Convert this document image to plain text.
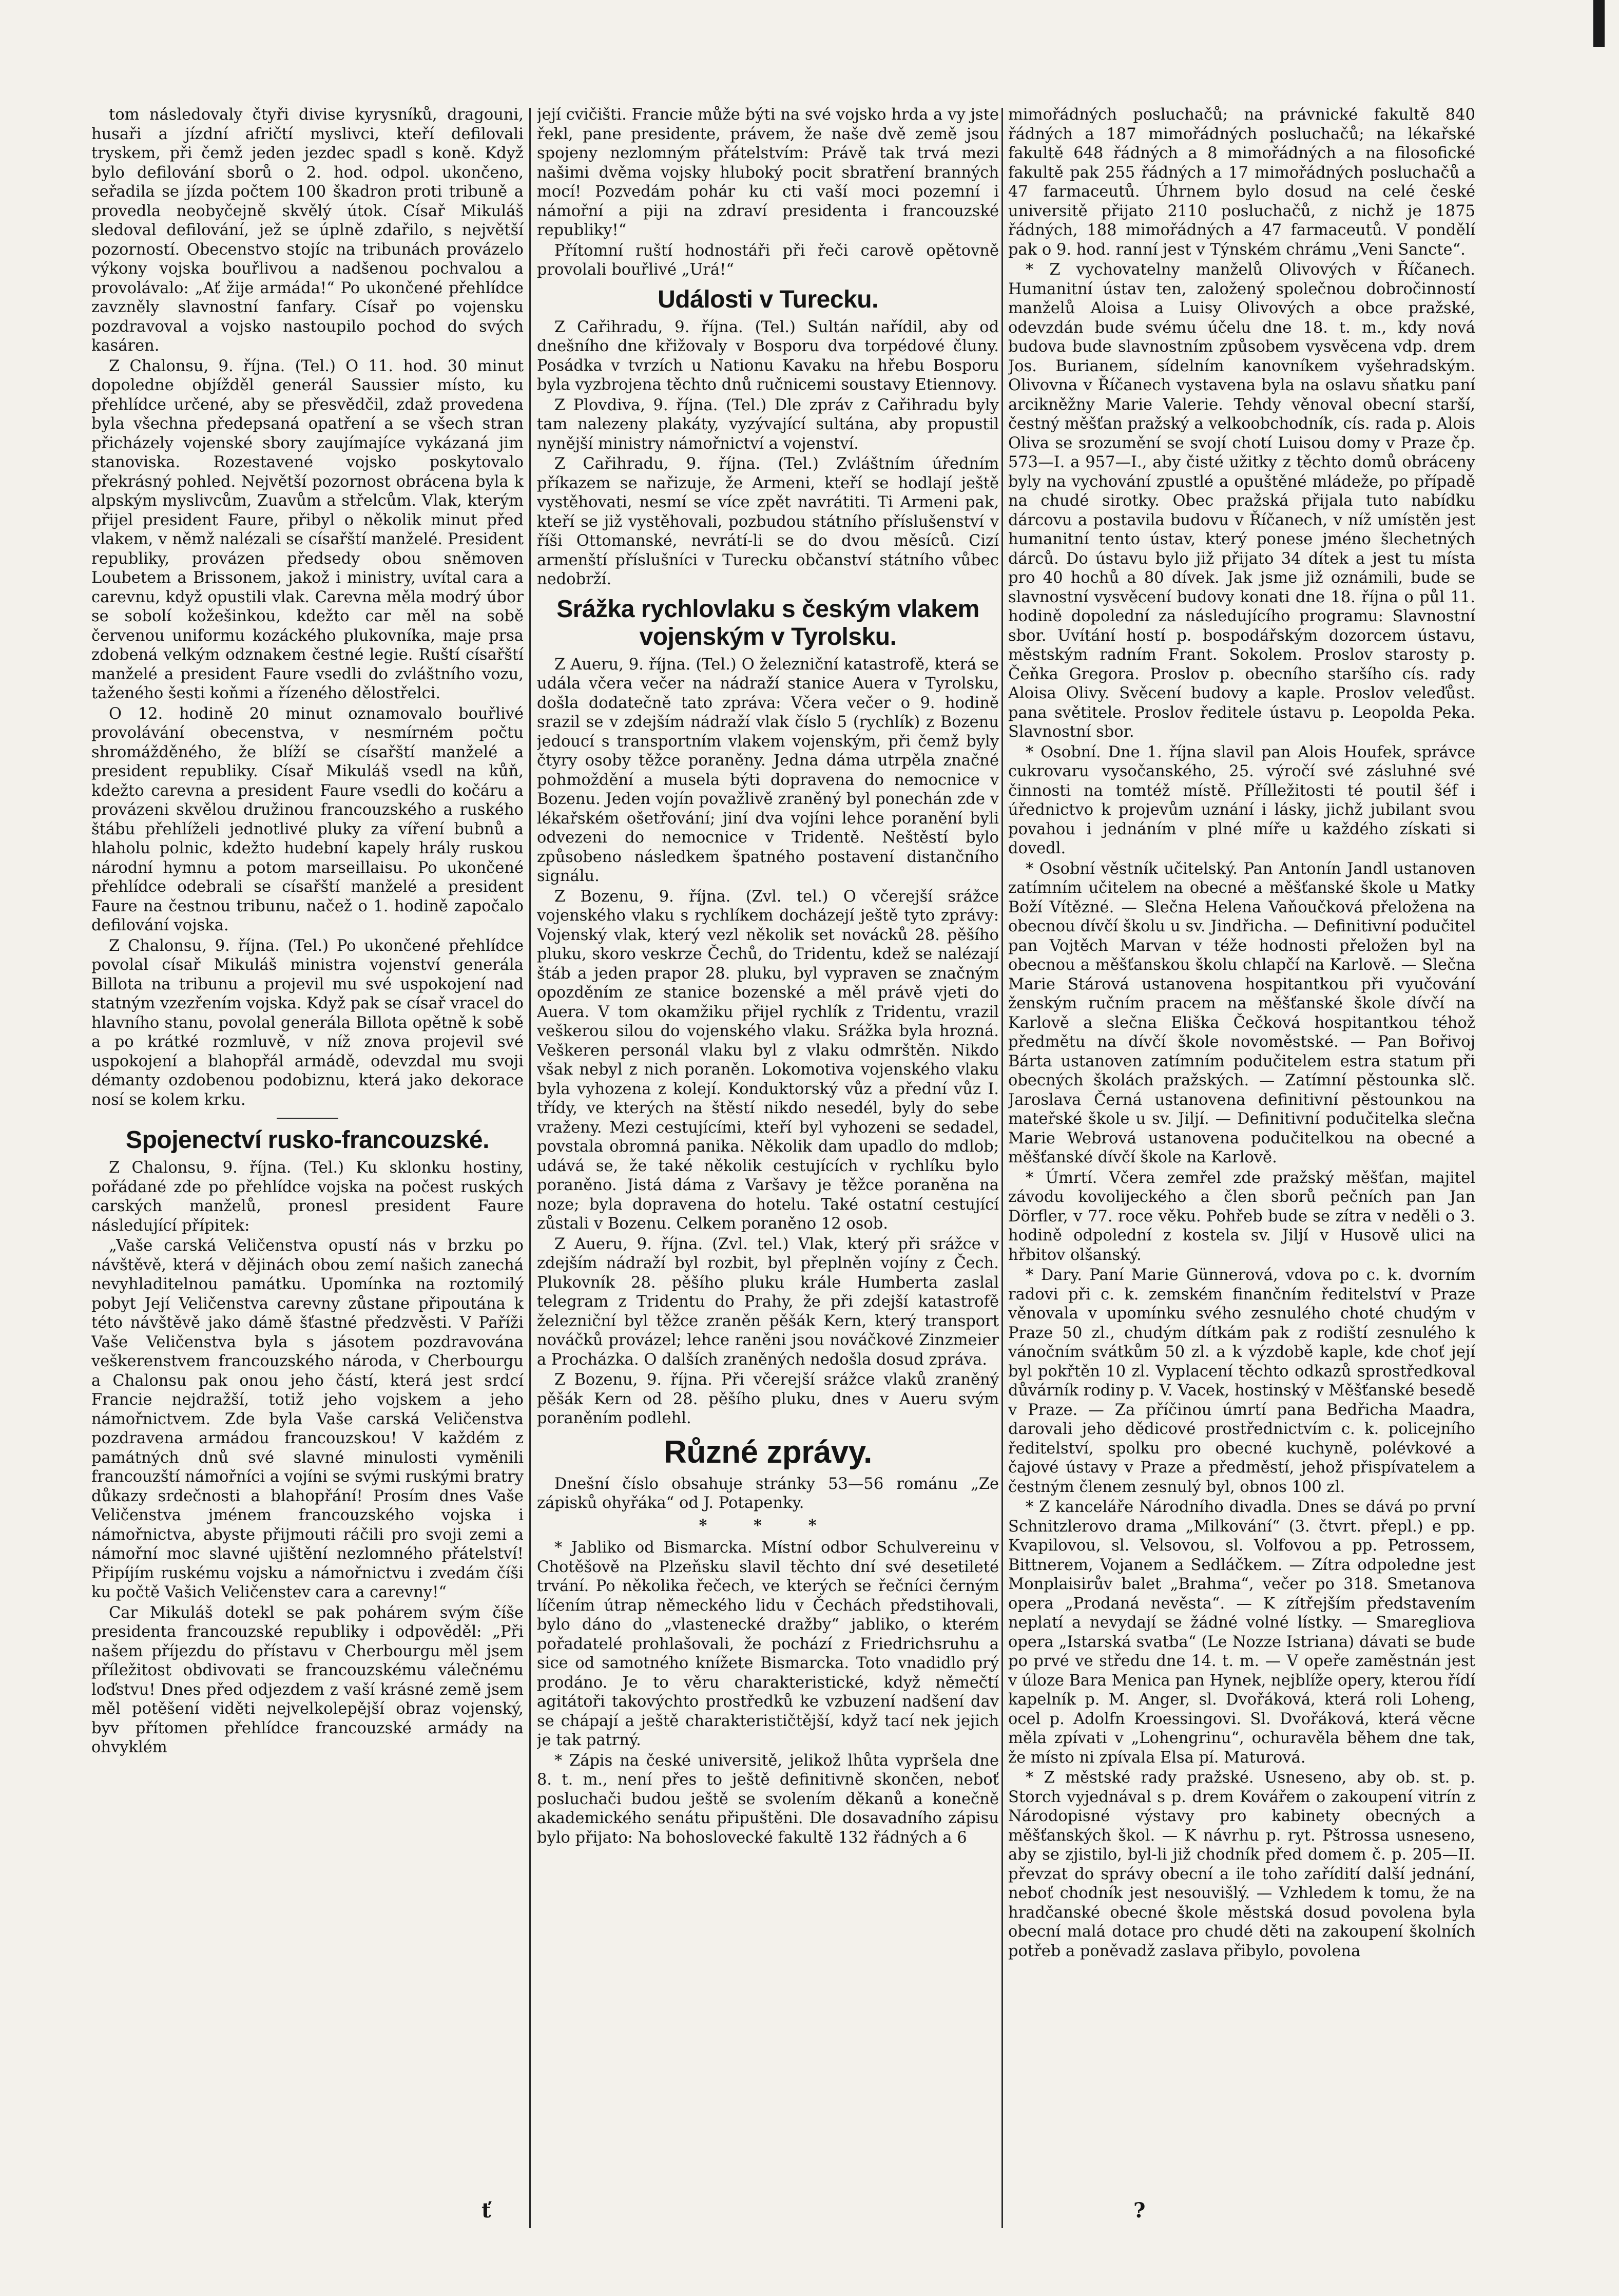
tom následovaly čtyři divise kyrysníků, dragouni, husaři a jízdní afričtí myslivci, kteří defilovali tryskem, při čemž jeden jezdec spadl s koně. Když bylo defilování sborů o 2. hod. odpol. ukončeno, seřadila se jízda počtem 100 škadron proti tribuně a provedla neobyčejně skvělý útok. Císař Mikuláš sledoval defilování, jež se úplně zdařilo, s největší pozorností. Obecenstvo stojíc na tribunách provázelo výkony vojska bouřlivou a nadšenou pochvalou a provolávalo: „Ať žije armáda!“ Po ukončené přehlídce zavzněly slavnostní fanfary. Císař po vojensku pozdravoval a vojsko nastoupilo pochod do svých kasáren.

Z Chalonsu, 9. října. (Tel.) O 11. hod. 30 minut dopoledne objížděl generál Saussier místo, ku přehlídce určené, aby se přesvědčil, zdaž provedena byla všechna předepsaná opatření a se všech stran přicházely vojenské sbory zaujímajíce vykázaná jim stanoviska. Rozestavené vojsko poskytovalo překrásný pohled. Největší pozornost obrácena byla k alpským myslivcům, Zuavům a střelcům. Vlak, kterým přijel president Faure, přibyl o několik minut před vlakem, v němž nalézali se císařští manželé. President republiky, provázen předsedy obou sněmoven Loubetem a Brissonem, jakož i ministry, uvítal cara a carevnu, když opustili vlak. Carevna měla modrý úbor se sobolí kožešinkou, kdežto car měl na sobě červenou uniformu kozáckého plukovníka, maje prsa zdobená velkým odznakem čestné legie. Ruští císařští manželé a president Faure vsedli do zvláštního vozu, taženého šesti koňmi a řízeného dělostřelci.

O 12. hodině 20 minut oznamovalo bouřlivé provolávání obecenstva, v nesmírném počtu shromážděného, že blíží se císařští manželé a president republiky. Císař Mikuláš vsedl na kůň, kdežto carevna a president Faure vsedli do kočáru a provázeni skvělou družinou francouzského a ruského štábu přehlíželi jednotlivé pluky za víření bubnů a hlaholu polnic, kdežto hudební kapely hrály ruskou národní hymnu a potom marseillaisu. Po ukončené přehlídce odebrali se císařští manželé a president Faure na čestnou tribunu, načež o 1. hodině započalo defilování vojska.

Z Chalonsu, 9. října. (Tel.) Po ukončené přehlídce povolal císař Mikuláš ministra vojenství generála Billota na tribunu a projevil mu své uspokojení nad statným vzezřením vojska. Když pak se císař vracel do hlavního stanu, povolal generála Billota opětně k sobě a po krátké rozmluvě, v níž znova projevil své uspokojení a blahopřál armádě, odevzdal mu svoji démanty ozdobenou podobiznu, která jako dekorace nosí se kolem krku.

Spojenectví rusko-francouzské.

Z Chalonsu, 9. října. (Tel.) Ku sklonku hostiny, pořádané zde po přehlídce vojska na počest ruských carských manželů, pronesl president Faure následující přípitek:

„Vaše carská Veličenstva opustí nás v brzku po návštěvě, která v dějinách obou zemí našich zanechá nevyhladitelnou památku. Upomínka na roztomilý pobyt Její Veličenstva carevny zůstane připoutána k této návštěvě jako dámě šťastné předzvěsti. V Paříži Vaše Veličenstva byla s jásotem pozdravována veškerenstvem francouzského národa, v Cherbourgu a Chalonsu pak onou jeho částí, která jest srdcí Francie nejdražší, totiž jeho vojskem a jeho námořnictvem. Zde byla Vaše carská Veličenstva pozdravena armádou francouzskou! V každém z památných dnů své slavné minulosti vyměnili francouzští námořníci a vojíni se svými ruskými bratry důkazy srdečnosti a blahopřání! Prosím dnes Vaše Veličenstva jménem francouzského vojska i námořnictva, abyste přijmouti ráčili pro svoji zemi a námořní moc slavné ujištění nezlomného přátelství! Připíjím ruskému vojsku a námořnictvu i zvedám číši ku počtě Vašich Veličenstev cara a carevny!“

Car Mikuláš dotekl se pak pohárem svým číše presidenta francouzské republiky i odpověděl: „Při našem příjezdu do přístavu v Cherbourgu měl jsem příležitost obdivovati se francouzskému válečnému loďstvu! Dnes před odjezdem z vaší krásné země jsem měl potěšení viděti nejvelkolepější obraz vojenský, byv přítomen přehlídce francouzské armády na ohvyklém

její cvičišti. Francie může býti na své vojsko hrda a vy jste řekl, pane presidente, právem, že naše dvě země jsou spojeny nezlomným přátelstvím: Právě tak trvá mezi našimi dvěma vojsky hluboký pocit sbratření branných mocí! Pozvedám pohár ku cti vaší moci pozemní i námořní a piji na zdraví presidenta i francouzské republiky!“

Přítomní ruští hodnostáři při řeči carově opětovně provolali bouřlivé „Urá!“

Události v Turecku.

Z Cařihradu, 9. října. (Tel.) Sultán nařídil, aby od dnešního dne křižovaly v Bosporu dva torpédové čluny. Posádka v tvrzích u Nationu Kavaku na hřebu Bosporu byla vyzbrojena těchto dnů ručnicemi soustavy Etiennovy.

Z Plovdiva, 9. října. (Tel.) Dle zpráv z Cařihradu byly tam nalezeny plakáty, vyzývající sultána, aby propustil nynější ministry námořnictví a vojenství.

Z Cařihradu, 9. října. (Tel.) Zvláštním úředním příkazem se nařizuje, že Armeni, kteří se hodlají ještě vystěhovati, nesmí se více zpět navrátiti. Ti Armeni pak, kteří se již vystěhovali, pozbudou státního příslušenství v říši Ottomanské, nevrátí-li se do dvou měsíců. Cizí armenští příslušníci v Turecku občanství státního vůbec nedobrží.

Srážka rychlovlaku s českým vlakem vojenským v Tyrolsku.

Z Aueru, 9. října. (Tel.) O železniční katastrofě, která se udála včera večer na nádraží stanice Auera v Tyrolsku, došla dodatečně tato zpráva: Včera večer o 9. hodině srazil se v zdejším nádraží vlak číslo 5 (rychlík) z Bozenu jedoucí s transportním vlakem vojenským, při čemž byly čtyry osoby těžce poraněny. Jedna dáma utrpěla značné pohmoždění a musela býti dopravena do nemocnice v Bozenu. Jeden vojín považlivě zraněný byl ponechán zde v lékařském ošetřování; jiní dva vojíni lehce poranění byli odvezeni do nemocnice v Tridentě. Neštěstí bylo způsobeno následkem špatného postavení distančního signálu.

Z Bozenu, 9. října. (Zvl. tel.) O včerejší srážce vojenského vlaku s rychlíkem docházejí ještě tyto zprávy: Vojenský vlak, který vezl několik set novácků 28. pěšího pluku, skoro veskrze Čechů, do Tridentu, kdež se nalézají štáb a jeden prapor 28. pluku, byl vypraven se značným opozděním ze stanice bozenské a měl právě vjeti do Auera. V tom okamžiku přijel rychlík z Tridentu, vrazil veškerou silou do vojenského vlaku. Srážka byla hrozná. Veškeren personál vlaku byl z vlaku odmrštěn. Nikdo však nebyl z nich poraněn. Lokomotiva vojenského vlaku byla vyhozena z kolejí. Konduktorský vůz a přední vůz I. třídy, ve kterých na štěstí nikdo nesedél, byly do sebe vraženy. Mezi cestujícími, kteří byl vyhozeni se sedadel, povstala obromná panika. Několik dam upadlo do mdlob; udává se, že také několik cestujících v rychlíku bylo poraněno. Jistá dáma z Varšavy je těžce poraněna na noze; byla dopravena do hotelu. Také ostatní cestující zůstali v Bozenu. Celkem poraněno 12 osob.

Z Aueru, 9. října. (Zvl. tel.) Vlak, který při srážce v zdejším nádraží byl rozbit, byl přeplněn vojíny z Čech. Plukovník 28. pěšího pluku krále Humberta zaslal telegram z Tridentu do Prahy, že při zdejší katastrofě železniční byl těžce zraněn pěšák Kern, který transport nováčků provázel; lehce raněni jsou nováčkové Zinzmeier a Procházka. O dalších zraněných nedošla dosud zpráva.

Z Bozenu, 9. října. Při včerejší srážce vlaků zraněný pěšák Kern od 28. pěšího pluku, dnes v Aueru svým poraněním podlehl.

Různé zprávy.

Dnešní číslo obsahuje stránky 53—56 románu „Ze zápisků ohyřáka“ od J. Potapenky.

* * *

* Jabliko od Bismarcka. Místní odbor Schulvereinu v Chotěšově na Plzeňsku slavil těchto dní své desetileté trvání. Po několika řečech, ve kterých se řečníci černým líčením útrap německého lidu v Čechách předstihovali, bylo dáno do „vlastenecké dražby“ jabliko, o kterém pořadatelé prohlašovali, že pochází z Friedrichsruhu a sice od samotného knížete Bismarcka. Toto vnadidlo prý prodáno. Je to věru charakteristické, když němečtí agitátoři takovýchto prostředků ke vzbuzení nadšení dav se chápají a ještě charakterističtější, když tací nek jejich je tak patrný.

* Zápis na české universitě, jelikož lhůta vypršela dne 8. t. m., není přes to ještě definitivně skončen, neboť posluchači budou ještě se svolením děkanů a konečně akademického senátu připuštěni. Dle dosavadního zápisu bylo přijato: Na bohoslovecké fakultě 132 řádných a 6

mimořádných posluchačů; na právnické fakultě 840 řádných a 187 mimořádných posluchačů; na lékařské fakultě 648 řádných a 8 mimořádných a na filosofické fakultě pak 255 řádných a 17 mimořádných posluchačů a 47 farmaceutů. Úhrnem bylo dosud na celé české universitě přijato 2110 posluchačů, z nichž je 1875 řádných, 188 mimořádných a 47 farmaceutů. V pondělí pak o 9. hod. ranní jest v Týnském chrámu „Veni Sancte“.

* Z vychovatelny manželů Olivových v Říčanech. Humanitní ústav ten, založený společnou dobročinností manželů Aloisa a Luisy Olivových a obce pražské, odevzdán bude svému účelu dne 18. t. m., kdy nová budova bude slavnostním způsobem vysvěcena vdp. drem Jos. Burianem, sídelním kanovníkem vyšehradským. Olivovna v Říčanech vystavena byla na oslavu sňatku paní arcikněžny Marie Valerie. Tehdy věnoval obecní starší, čestný měšťan pražský a velkoobchodník, cís. rada p. Alois Oliva se srozumění se svojí chotí Luisou domy v Praze čp. 573—I. a 957—I., aby čisté užitky z těchto domů obráceny byly na vychování zpustlé a opuštěné mládeže, po případě na chudé sirotky. Obec pražská přijala tuto nabídku dárcovu a postavila budovu v Říčanech, v níž umístěn jest humanitní tento ústav, který ponese jméno šlechetných dárců. Do ústavu bylo již přijato 34 dítek a jest tu místa pro 40 hochů a 80 dívek. Jak jsme již oznámili, bude se slavnostní vysvěcení budovy konati dne 18. října o půl 11. hodině dopolední za následujícího programu: Slavnostní sbor. Uvítání hostí p. bospodářským dozorcem ústavu, městským radním Frant. Sokolem. Proslov starosty p. Čeňka Gregora. Proslov p. obecního staršího cís. rady Aloisa Olivy. Svěcení budovy a kaple. Proslov veleďůst. pana světitele. Proslov ředitele ústavu p. Leopolda Peka. Slavnostní sbor.

* Osobní. Dne 1. října slavil pan Alois Houfek, správce cukrovaru vysočanského, 25. výročí své zásluhné své činnosti na tomtéž místě. Přílležitosti té poutil šéf i úřednictvo k projevům uznání i lásky, jichž jubilant svou povahou i jednáním v plné míře u každého získati si dovedl.

* Osobní věstník učitelský. Pan Antonín Jandl ustanoven zatímním učitelem na obecné a měšťanské škole u Matky Boží Vítězné. — Slečna Helena Vaňoučková přeložena na obecnou dívčí školu u sv. Jindřicha. — Definitivní podučitel pan Vojtěch Marvan v téže hodnosti přeložen byl na obecnou a měšťanskou školu chlapčí na Karlově. — Slečna Marie Stárová ustanovena hospitantkou při vyučování ženským ručním pracem na měšťanské škole dívčí na Karlově a slečna Eliška Čečková hospitantkou téhož předmětu na dívčí škole novoměstské. — Pan Bořivoj Bárta ustanoven zatímním podučitelem estra statum při obecných školách pražských. — Zatímní pěstounka slč. Jaroslava Černá ustanovena definitivní pěstounkou na mateřské škole u sv. Jiljí. — Definitivní podučitelka slečna Marie Webrová ustanovena podučitelkou na obecné a měšťanské dívčí škole na Karlově.

* Úmrtí. Včera zemřel zde pražský měšťan, majitel závodu kovolijeckého a člen sborů pečních pan Jan Dörfler, v 77. roce věku. Pohřeb bude se zítra v neděli o 3. hodině odpolední z kostela sv. Jiljí v Husově ulici na hřbitov olšanský.

* Dary. Paní Marie Günnerová, vdova po c. k. dvorním radovi při c. k. zemském finančním ředitelství v Praze věnovala v upomínku svého zesnulého choté chudým v Praze 50 zl., chudým dítkám pak z rodiští zesnulého k vánočním svátkům 50 zl. a k výzdobě kaple, kde choť její byl pokřtěn 10 zl. Vyplacení těchto odkazů sprostředkoval důvárník rodiny p. V. Vacek, hostinský v Měšťanské besedě v Praze. — Za příčinou úmrtí pana Bedřicha Maadra, darovali jeho dědicové prostřednictvím c. k. policejního ředitelství, spolku pro obecné kuchyně, polévkové a čajové ústavy v Praze a předměstí, jehož přispívatelem a čestným členem zesnulý byl, obnos 100 zl.

* Z kanceláře Národního divadla. Dnes se dává po první Schnitzlerovo drama „Milkování“ (3. čtvrt. přepl.) e pp. Kvapilovou, sl. Velsovou, sl. Volfovou a pp. Petrossem, Bittnerem, Vojanem a Sedláčkem. — Zítra odpoledne jest Monplaisirův balet „Brahma“, večer po 318. Smetanova opera „Prodaná nevěsta“. — K zítřejším představením neplatí a nevydají se žádné volné lístky. — Smaregliova opera „Istarská svatba“ (Le Nozze Istriana) dávati se bude po prvé ve středu dne 14. t. m. — V opeře zaměstnán jest v úloze Bara Menica pan Hynek, nejblíže opery, kterou řídí kapelník p. M. Anger, sl. Dvořáková, která roli Loheng, ocel p. Adolfn Kroessingovi. Sl. Dvořáková, která věcne měla zpívati v „Lohengrinu“, ochuravěla během dne tak, že místo ni zpívala Elsa pí. Maturová.

* Z městské rady pražské. Usneseno, aby ob. st. p. Storch vyjednával s p. drem Kovářem o zakoupení vitrín z Národopisné výstavy pro kabinety obecných a měšťanských škol. — K návrhu p. ryt. Pštrossa usneseno, aby se zjistilo, byl-li již chodník před domem č. p. 205—II. převzat do správy obecní a ile toho zařídití další jednání, neboť chodník jest nesouvišlý. — Vzhledem k tomu, že na hradčanské obecné škole městská dosud povolena byla obecní malá dotace pro chudé děti na zakoupení školních potřeb a poněvadž zaslava přibylo, povolena

ť	?
